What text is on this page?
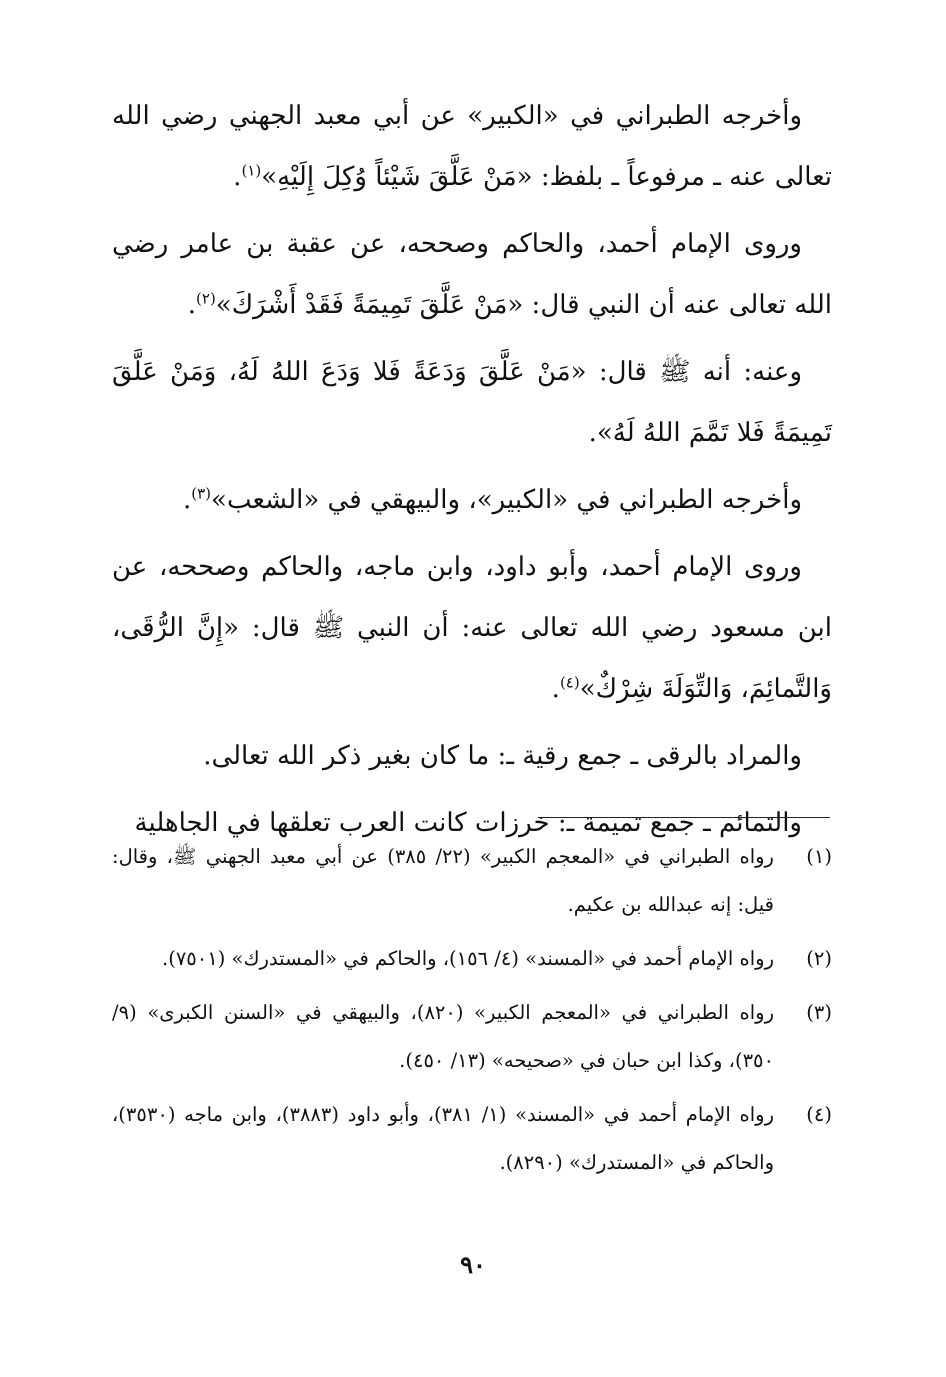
وأخرجه الطبراني في «الكبير» عن أبي معبد الجهني رضي الله تعالى عنه ـ مرفوعاً ـ بلفظ: «مَنْ عَلَّقَ شَيْئاً وُكِلَ إِلَيْهِ»$^{(١)}$.

وروى الإمام أحمد، والحاكم وصححه، عن عقبة بن عامر رضي الله تعالى عنه أن النبي قال: «مَنْ عَلَّقَ تَمِيمَةً فَقَدْ أَشْرَكَ»$^{(٢)}$.

وعنه: أنه ﷺ قال: «مَنْ عَلَّقَ وَدَعَةً فَلا وَدَعَ اللهُ لَهُ، وَمَنْ عَلَّقَ تَمِيمَةً فَلا تَمَّمَ اللهُ لَهُ».

وأخرجه الطبراني في «الكبير»، والبيهقي في «الشعب»$^{(٣)}$.

وروى الإمام أحمد، وأبو داود، وابن ماجه، والحاكم وصححه، عن ابن مسعود رضي الله تعالى عنه: أن النبي ﷺ قال: «إِنَّ الرُّقَى، وَالتَّمائِمَ، وَالتِّوَلَةَ شِرْكٌ»$^{(٤)}$.

والمراد بالرقى ـ جمع رقية ـ: ما كان بغير ذكر الله تعالى.

والتمائم ـ جمع تميمة ـ: خرزات كانت العرب تعلقها في الجاهلية

(١)
رواه الطبراني في «المعجم الكبير» (٢٢/ ٣٨٥) عن أبي معبد الجهني ﷺ، وقال: قيل: إنه عبدالله بن عكيم.
(٢)
رواه الإمام أحمد في «المسند» (٤/ ١٥٦)، والحاكم في «المستدرك» (٧٥٠١).
(٣)
رواه الطبراني في «المعجم الكبير» (٨٢٠)، والبيهقي في «السنن الكبرى» (٩/ ٣٥٠)، وكذا ابن حبان في «صحيحه» (١٣/ ٤٥٠).
(٤)
رواه الإمام أحمد في «المسند» (١/ ٣٨١)، وأبو داود (٣٨٨٣)، وابن ماجه (٣٥٣٠)، والحاكم في «المستدرك» (٨٢٩٠).
٩٠
